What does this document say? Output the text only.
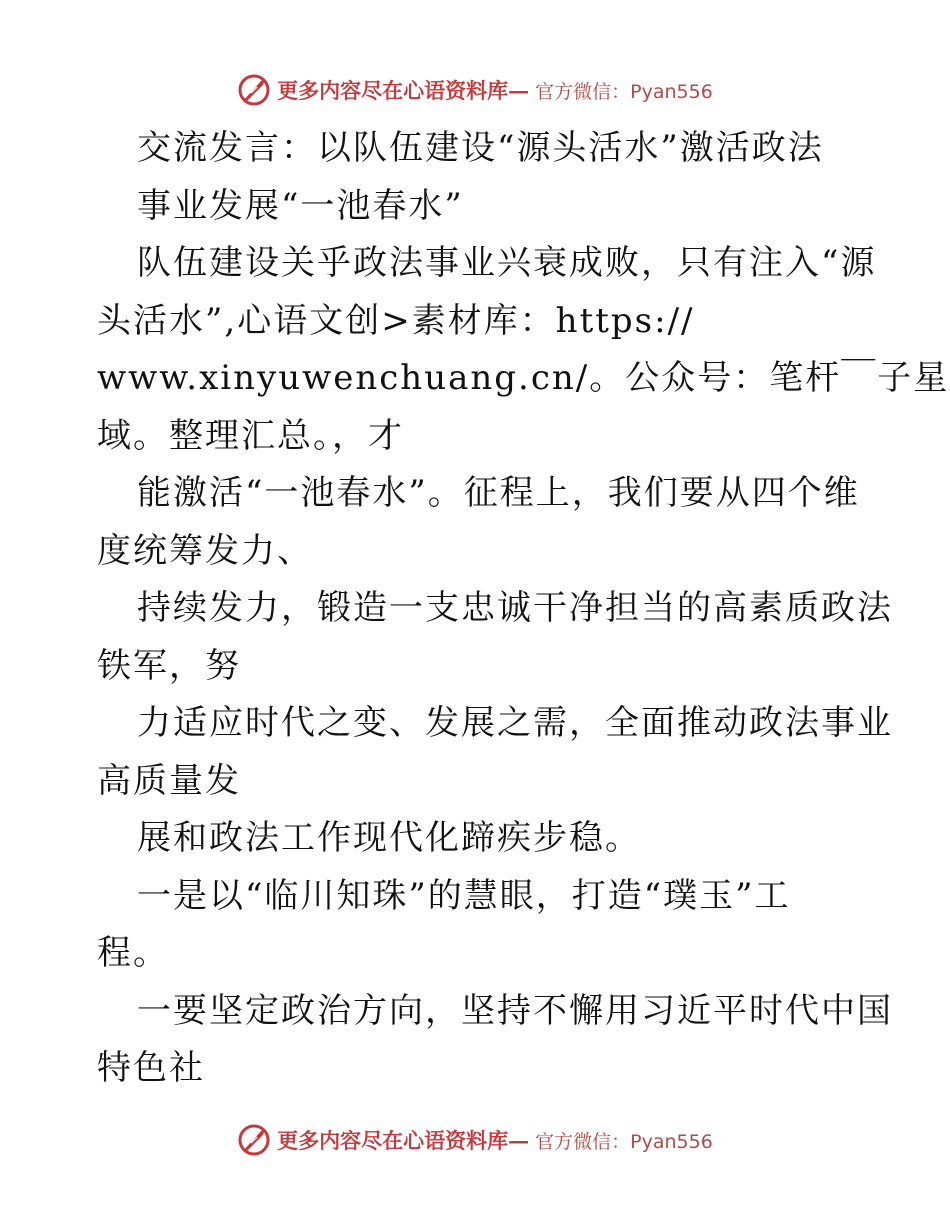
更多内容尽在心语资料库— 官方微信：Pyan556
交流发言：以队伍建设“源头活水”激活政法
事业发展“一池春水”
队伍建设关乎政法事业兴衰成败，只有注入“源
头活水”,心语文创>素材库：https://
www.xinyuwenchuang.cn/。公众号：笔杆￣子星
域。整理汇总。，才
能激活“一池春水”。征程上，我们要从四个维
度统筹发力、
持续发力，锻造一支忠诚干净担当的高素质政法
铁军，努
力适应时代之变、发展之需，全面推动政法事业
高质量发
展和政法工作现代化蹄疾步稳。
一是以“临川知珠”的慧眼，打造“璞玉”工
程。
一要坚定政治方向，坚持不懈用习近平时代中国
特色社
更多内容尽在心语资料库— 官方微信：Pyan556
